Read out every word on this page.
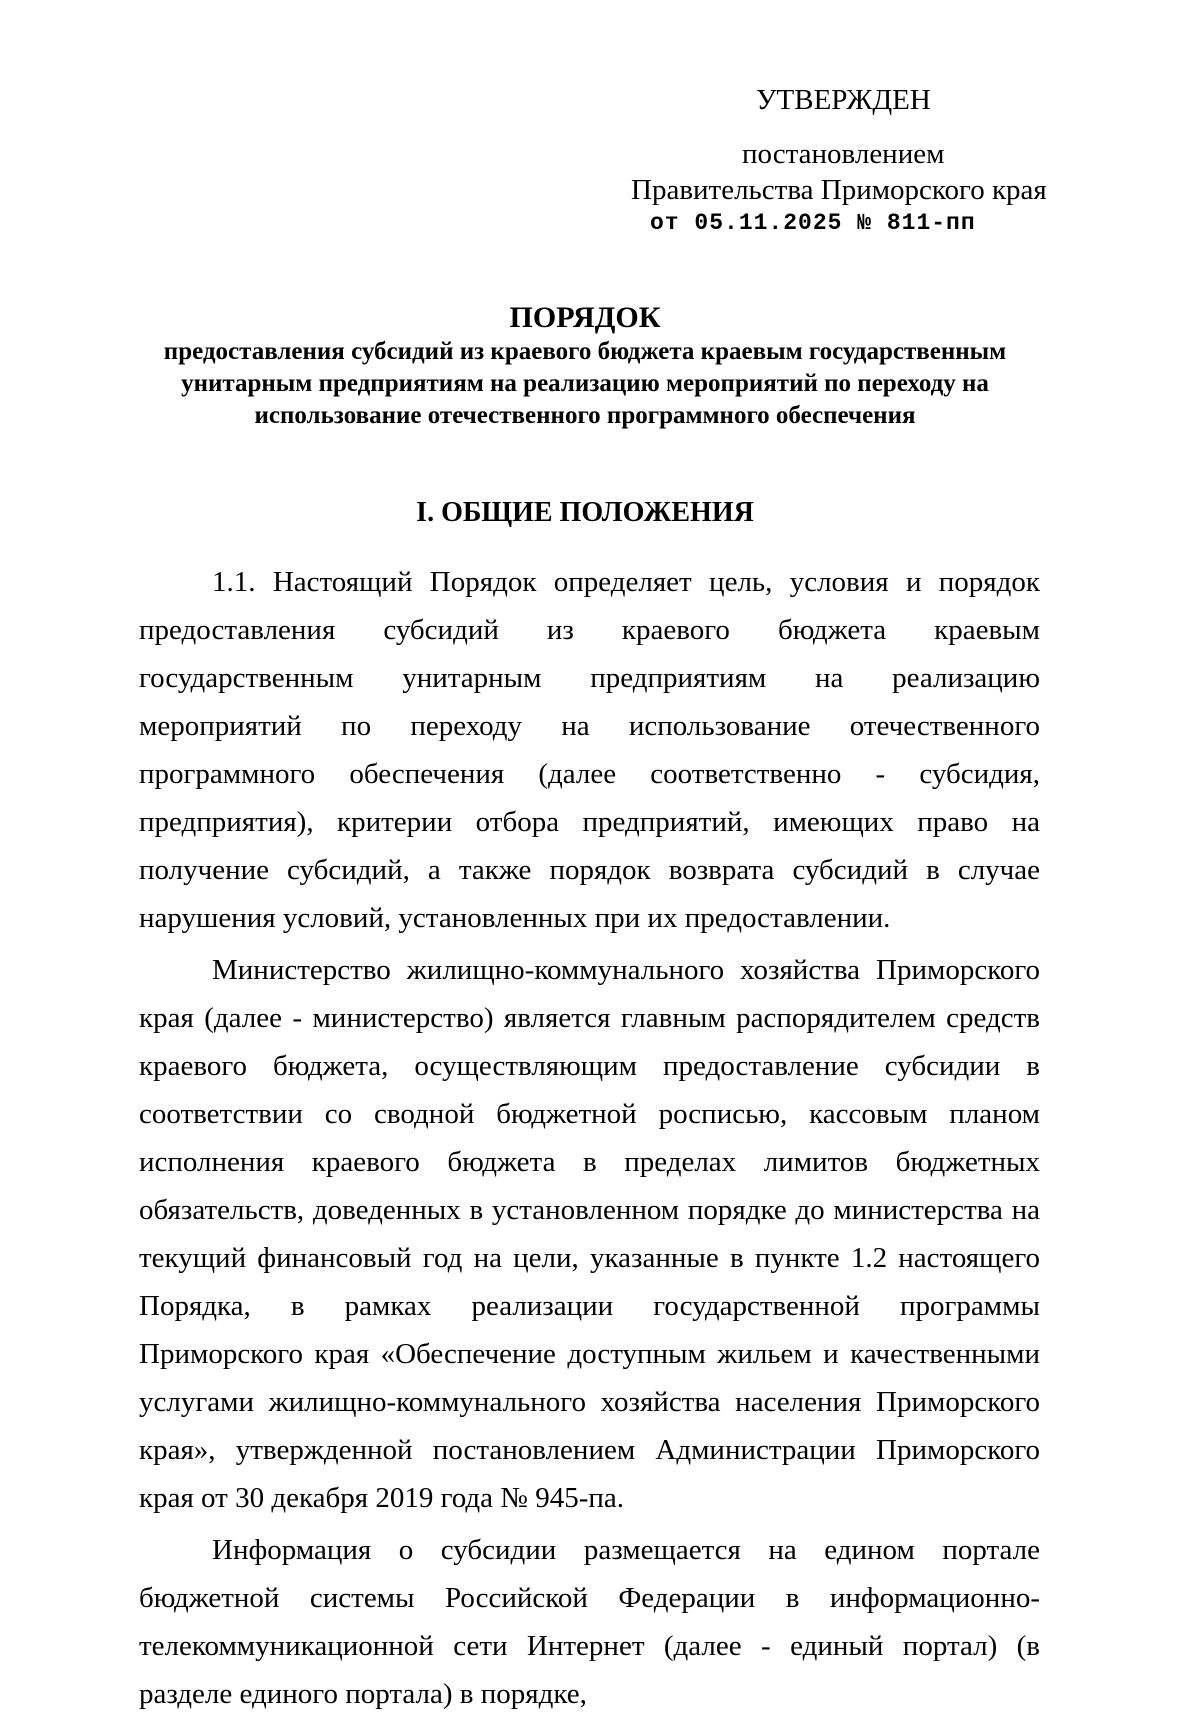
УТВЕРЖДЕН
постановлением
Правительства Приморского края
от 05.11.2025 № 811-пп
ПОРЯДОК
предоставления субсидий из краевого бюджета краевым государственным унитарным предприятиям на реализацию мероприятий по переходу на использование отечественного программного обеспечения
I. ОБЩИЕ ПОЛОЖЕНИЯ

1.1. Настоящий Порядок определяет цель, условия и порядок предоставления субсидий из краевого бюджета краевым государственным унитарным предприятиям на реализацию мероприятий по переходу на использование отечественного программного обеспечения (далее соответственно - субсидия, предприятия), критерии отбора предприятий, имеющих право на получение субсидий, а также порядок возврата субсидий в случае нарушения условий, установленных при их предоставлении.

Министерство жилищно-коммунального хозяйства Приморского края (далее - министерство) является главным распорядителем средств краевого бюджета, осуществляющим предоставление субсидии в соответствии со сводной бюджетной росписью, кассовым планом исполнения краевого бюджета в пределах лимитов бюджетных обязательств, доведенных в установленном порядке до министерства на текущий финансовый год на цели, указанные в пункте 1.2 настоящего Порядка, в рамках реализации государственной программы Приморского края «Обеспечение доступным жильем и качественными услугами жилищно-коммунального хозяйства населения Приморского края», утвержденной постановлением Администрации Приморского края от 30 декабря 2019 года № 945-па.

Информация о субсидии размещается на едином портале бюджетной системы Российской Федерации в информационно-телекоммуникационной сети Интернет (далее - единый портал) (в разделе единого портала) в порядке,
